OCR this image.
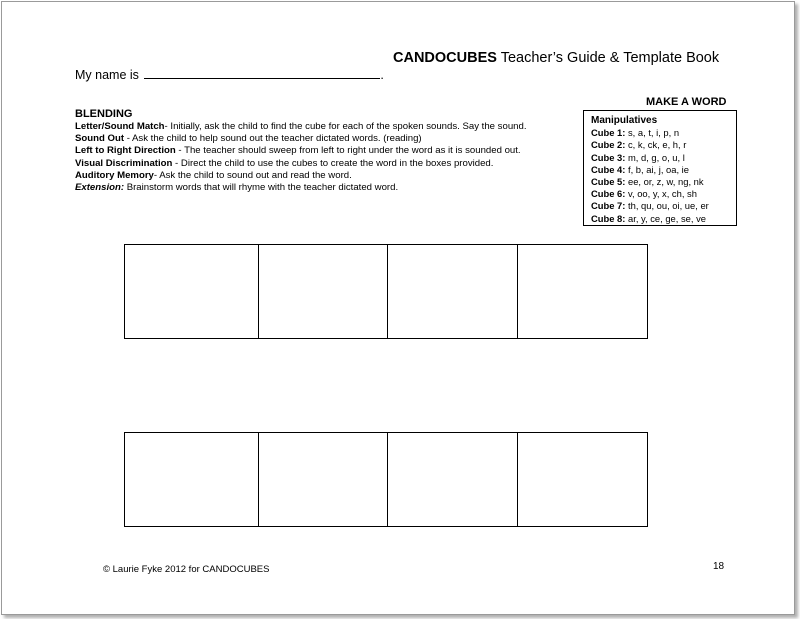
CANDOCUBES Teacher’s Guide & Template Book
My name is	.
BLENDING
Letter/Sound Match- Initially, ask the child to find the cube for each of the spoken sounds. Say the sound.
Sound Out - Ask the child to help sound out the teacher dictated words. (reading)
Left to Right Direction - The teacher should sweep from left to right under the word as it is sounded out.
Visual Discrimination - Direct the child to use the cubes to create the word in the boxes provided.
Auditory Memory- Ask the child to sound out and read the word.
Extension: Brainstorm words that will rhyme with the teacher dictated word.
MAKE A WORD
Manipulatives
Cube 1: s, a, t, i, p, n
Cube 2: c, k, ck, e, h, r
Cube 3: m, d, g, o, u, l
Cube 4: f, b, ai, j, oa, ie
Cube 5: ee, or, z, w, ng, nk
Cube 6: v, oo, y, x, ch, sh
Cube 7: th, qu, ou, oi, ue, er
Cube 8: ar, y, ce, ge, se, ve
© Laurie Fyke 2012 for CANDOCUBES	18
